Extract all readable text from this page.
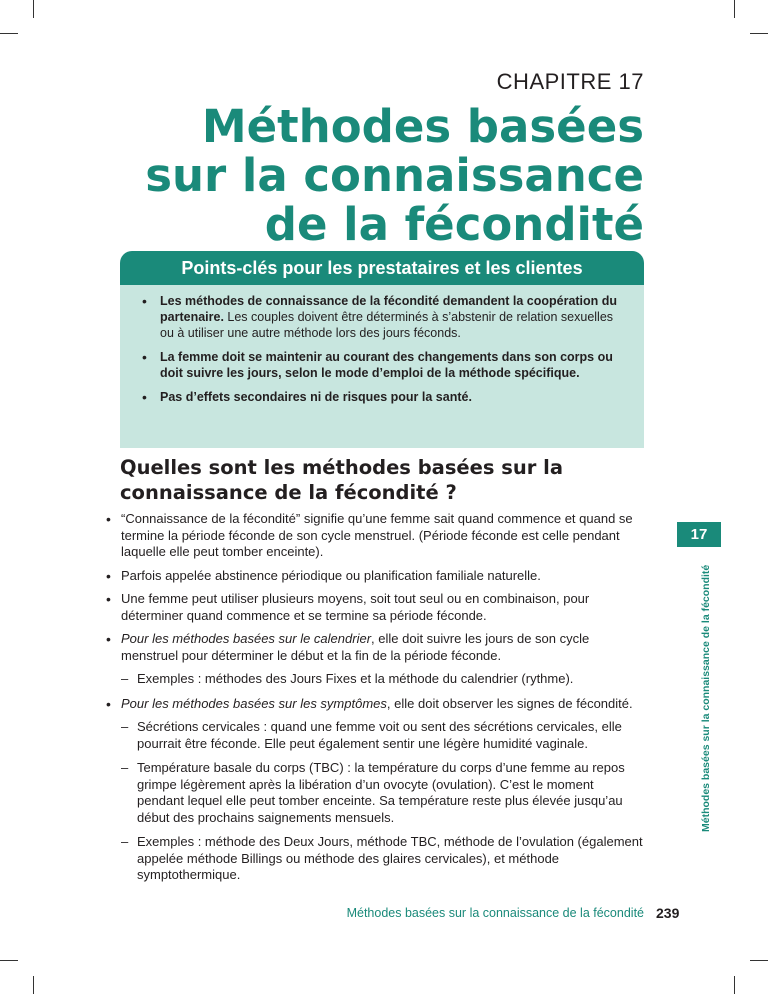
CHAPITRE 17
Méthodes basées
sur la connaissance
de la fécondité
Points-clés pour les prestataires et les clientes
• Les méthodes de connaissance de la fécondité demandent la coopération du partenaire. Les couples doivent être déterminés à s’abstenir de relation sexuelles ou à utiliser une autre méthode lors des jours féconds.
• La femme doit se maintenir au courant des changements dans son corps ou doit suivre les jours, selon le mode d’emploi de la méthode spécifique.
• Pas d’effets secondaires ni de risques pour la santé.
Quelles sont les méthodes basées sur la connaissance de la fécondité ?
• “Connaissance de la fécondité” signifie qu’une femme sait quand commence et quand se termine la période féconde de son cycle menstruel. (Période féconde est celle pendant laquelle elle peut tomber enceinte).
• Parfois appelée abstinence périodique ou planification familiale naturelle.
• Une femme peut utiliser plusieurs moyens, soit tout seul ou en combinaison, pour déterminer quand commence et se termine sa période féconde.
• Pour les méthodes basées sur le calendrier, elle doit suivre les jours de son cycle menstruel pour déterminer le début et la fin de la période féconde.
– Exemples : méthodes des Jours Fixes et la méthode du calendrier (rythme).
• Pour les méthodes basées sur les symptômes, elle doit observer les signes de fécondité.
– Sécrétions cervicales : quand une femme voit ou sent des sécrétions cervicales, elle pourrait être féconde. Elle peut également sentir une légère humidité vaginale.
– Température basale du corps (TBC) : la température du corps d’une femme au repos grimpe légèrement après la libération d’un ovocyte (ovulation). C’est le moment pendant lequel elle peut tomber enceinte. Sa température reste plus élevée jusqu’au début des prochains saignements mensuels.
– Exemples : méthode des Deux Jours, méthode TBC, méthode de l’ovulation (également appelée méthode Billings ou méthode des glaires cervicales), et méthode symptothermique.
17
Méthodes basées sur la connaissance de la fécondité
Méthodes basées sur la connaissance de la fécondité 239
